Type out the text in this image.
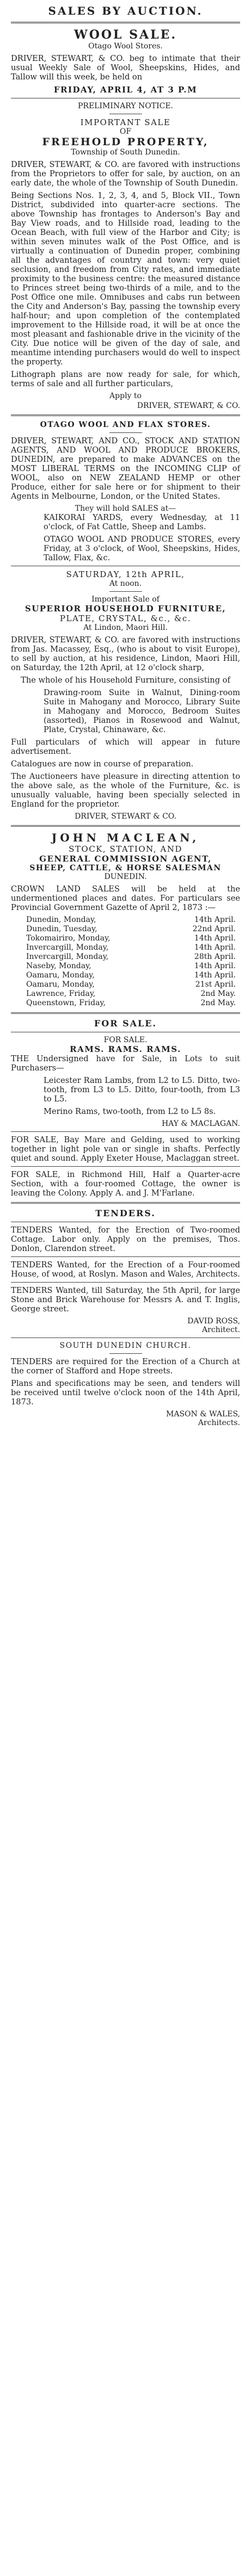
SALES BY AUCTION.
WOOL SALE.
Otago Wool Stores.

DRIVER, STEWART, & CO. beg to intimate that their usual Weekly Sale of Wool, Sheepskins, Hides, and Tallow will this week, be held on

FRIDAY, APRIL 4, AT 3 P.M
PRELIMINARY NOTICE.
IMPORTANT SALE
OF
FREEHOLD PROPERTY,
Township of South Dunedin.

DRIVER, STEWART, & CO. are favored with instructions from the Proprietors to offer for sale, by auction, on an early date, the whole of the Township of South Dunedin.

Being Sections Nos. 1, 2, 3, 4, and 5, Block VII., Town District, subdivided into quarter-acre sections. The above Township has frontages to Anderson's Bay and Bay View roads, and to Hillside road, leading to the Ocean Beach, with full view of the Harbor and City; is within seven minutes walk of the Post Office, and is virtually a continuation of Dunedin proper, combining all the advantages of country and town: very quiet seclusion, and freedom from City rates, and immediate proximity to the business centre: the measured distance to Princes street being two-thirds of a mile, and to the Post Office one mile. Omnibuses and cabs run between the City and Anderson's Bay, passing the township every half-hour; and upon completion of the contemplated improvement to the Hillside road, it will be at once the most pleasant and fashionable drive in the vicinity of the City. Due notice will be given of the day of sale, and meantime intending purchasers would do well to inspect the property.

Lithograph plans are now ready for sale, for which, terms of sale and all further particulars,

Apply to
DRIVER, STEWART, & CO.
OTAGO WOOL AND FLAX STORES.

DRIVER, STEWART, AND CO., STOCK AND STATION AGENTS, AND WOOL AND PRODUCE BROKERS, DUNEDIN, are prepared to make ADVANCES on the MOST LIBERAL TERMS on the INCOMING CLIP of WOOL, also on NEW ZEALAND HEMP or other Produce, either for sale here or for shipment to their Agents in Melbourne, London, or the United States.

They will hold SALES at—

KAIKORAI YARDS, every Wednesday, at 11 o'clock, of Fat Cattle, Sheep and Lambs.

OTAGO WOOL AND PRODUCE STORES, every Friday, at 3 o'clock, of Wool, Sheepskins, Hides, Tallow, Flax, &c.

SATURDAY, 12th APRIL,
At noon.
Important Sale of
SUPERIOR HOUSEHOLD FURNITURE,
PLATE, CRYSTAL, &c., &c.
At Lindon, Maori Hill.

DRIVER, STEWART, & CO. are favored with instructions from Jas. Macassey, Esq., (who is about to visit Europe), to sell by auction, at his residence, Lindon, Maori Hill, on Saturday, the 12th April, at 12 o'clock sharp,

The whole of his Household Furniture, consisting of

Drawing-room Suite in Walnut, Dining-room Suite in Mahogany and Morocco, Library Suite in Mahogany and Morocco, Bedroom Suites (assorted), Pianos in Rosewood and Walnut, Plate, Crystal, Chinaware, &c.

Full particulars of which will appear in future advertisement.

Catalogues are now in course of preparation.

The Auctioneers have pleasure in directing attention to the above sale, as the whole of the Furniture, &c. is unusually valuable, having been specially selected in England for the proprietor.

DRIVER, STEWART & CO.
JOHN MACLEAN,
STOCK, STATION, AND
GENERAL COMMISSION AGENT,
SHEEP, CATTLE, & HORSE SALESMAN
DUNEDIN.

CROWN LAND SALES will be held at the undermentioned places and dates. For particulars see Provincial Government Gazette of April 2, 1873 :—

Dunedin, Monday,	14th April.
Dunedin, Tuesday,	22nd April.
Tokomairiro, Monday,	14th April.
Invercargill, Monday,	14th April.
Invercargill, Monday,	28th April.
Naseby, Monday,	14th April.
Oamaru, Monday,	14th April.
Oamaru, Monday,	21st April.
Lawrence, Friday,	2nd May.
Queenstown, Friday,	2nd May.
FOR SALE.
FOR SALE.
RAMS. RAMS. RAMS.

THE Undersigned have for Sale, in Lots to suit Purchasers—

Leicester Ram Lambs, from L2 to L5. Ditto, two-tooth, from L3 to L5. Ditto, four-tooth, from L3 to L5.

Merino Rams, two-tooth, from L2 to L5 8s.

HAY & MACLAGAN.

FOR SALE, Bay Mare and Gelding, used to working together in light pole van or single in shafts. Perfectly quiet and sound. Apply Exeter House, Maclaggan street.

FOR SALE, in Richmond Hill, Half a Quarter-acre Section, with a four-roomed Cottage, the owner is leaving the Colony. Apply A. and J. M'Farlane.

TENDERS.

TENDERS Wanted, for the Erection of Two-roomed Cottage. Labor only. Apply on the premises, Thos. Donlon, Clarendon street.

TENDERS Wanted, for the Erection of a Four-roomed House, of wood, at Roslyn. Mason and Wales, Architects.

TENDERS Wanted, till Saturday, the 5th April, for large Stone and Brick Warehouse for Messrs A. and T. Inglis, George street.

DAVID ROSS,
Architect.
SOUTH DUNEDIN CHURCH.

TENDERS are required for the Erection of a Church at the corner of Stafford and Hope streets.

Plans and specifications may be seen, and tenders will be received until twelve o'clock noon of the 14th April, 1873.

MASON & WALES,
Architects.
